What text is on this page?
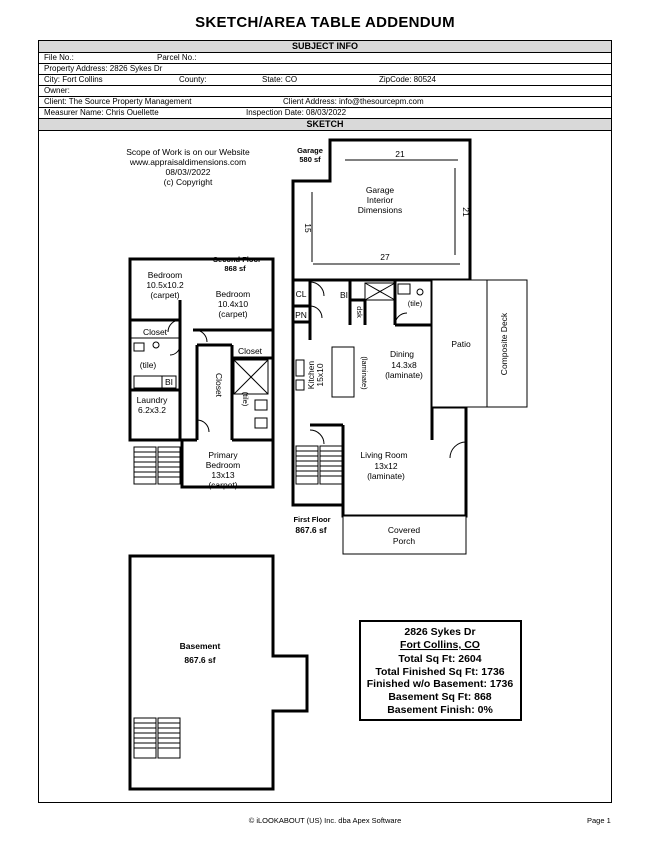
SKETCH/AREA TABLE ADDENDUM
SUBJECT INFO
File No.:	Parcel No.:
Property Address: 2826 Sykes Dr
City: Fort Collins	County:	State: CO	ZipCode: 80524
Owner:
Client: The Source Property Management	Client Address: info@thesourcepm.com
Measurer Name: Chris Ouellette	Inspection Date: 08/03/2022
SKETCH
Scope of Work is on our Website
www.appraisaldimensions.com
08/03//2022
(c) Copyright
Garage
580 sf
21
21
15
27
Garage
Interior
Dimensions
Second Floor
868 sf
Bedroom
10.5x10.2
(carpet)	Bedroom
10.4x10
(carpet)
Closet
Closet
Closet
(tile)
BI
Laundry
6.2x3.2
(tile)
Primary
Bedroom
13x13
(carpet)
CL	BI
PN	dsk
(tile)
Kitchen 15x10	(laminate)
Dining
14.3x8
(laminate)
Patio	Composite Deck
Living Room
13x12
(laminate)
First Floor
867.6 sf	Covered
Porch
Basement
867.6 sf
2826 Sykes Dr
Fort Collins, CO
Total Sq Ft: 2604
Total Finished Sq Ft: 1736
Finished w/o Basement: 1736
Basement Sq Ft: 868
Basement Finish: 0%
© iLOOKABOUT (US) Inc. dba Apex Software	Page 1
